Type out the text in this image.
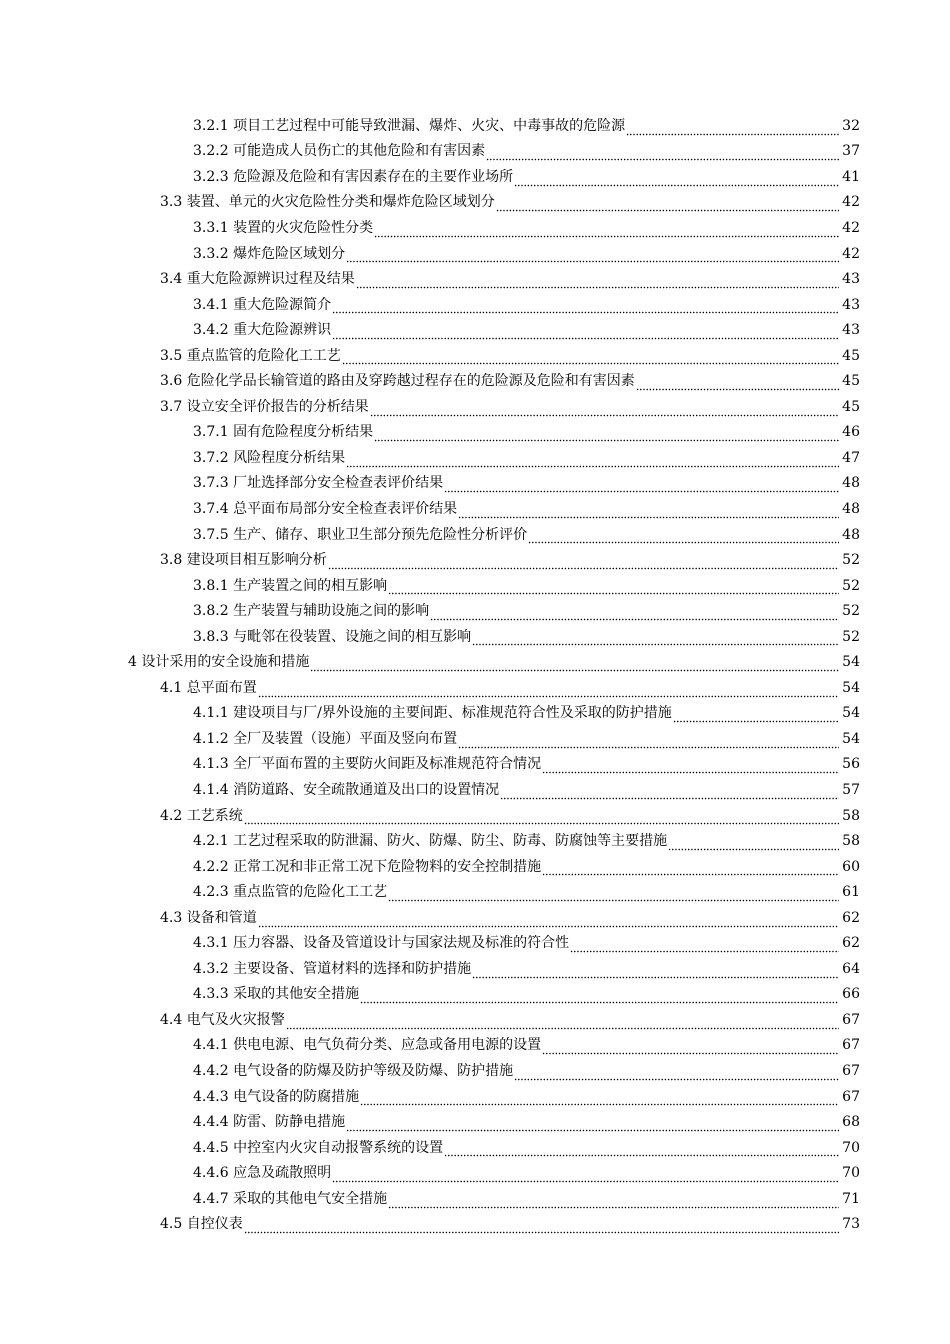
3.2.1 项目工艺过程中可能导致泄漏、爆炸、火灾、中毒事故的危险源	32
3.2.2 可能造成人员伤亡的其他危险和有害因素	37
3.2.3 危险源及危险和有害因素存在的主要作业场所	41
3.3 装置、单元的火灾危险性分类和爆炸危险区域划分	42
3.3.1 装置的火灾危险性分类	42
3.3.2 爆炸危险区域划分	42
3.4 重大危险源辨识过程及结果	43
3.4.1 重大危险源简介	43
3.4.2 重大危险源辨识	43
3.5 重点监管的危险化工工艺	45
3.6 危险化学品长输管道的路由及穿跨越过程存在的危险源及危险和有害因素	45
3.7 设立安全评价报告的分析结果	45
3.7.1 固有危险程度分析结果	46
3.7.2 风险程度分析结果	47
3.7.3 厂址选择部分安全检查表评价结果	48
3.7.4 总平面布局部分安全检查表评价结果	48
3.7.5 生产、储存、职业卫生部分预先危险性分析评价	48
3.8 建设项目相互影响分析	52
3.8.1 生产装置之间的相互影响	52
3.8.2 生产装置与辅助设施之间的影响	52
3.8.3 与毗邻在役装置、设施之间的相互影响	52
4 设计采用的安全设施和措施	54
4.1 总平面布置	54
4.1.1 建设项目与厂/界外设施的主要间距、标准规范符合性及采取的防护措施	54
4.1.2 全厂及装置（设施）平面及竖向布置	54
4.1.3 全厂平面布置的主要防火间距及标准规范符合情况	56
4.1.4 消防道路、安全疏散通道及出口的设置情况	57
4.2 工艺系统	58
4.2.1 工艺过程采取的防泄漏、防火、防爆、防尘、防毒、防腐蚀等主要措施	58
4.2.2 正常工况和非正常工况下危险物料的安全控制措施	60
4.2.3 重点监管的危险化工工艺	61
4.3 设备和管道	62
4.3.1 压力容器、设备及管道设计与国家法规及标准的符合性	62
4.3.2 主要设备、管道材料的选择和防护措施	64
4.3.3 采取的其他安全措施	66
4.4 电气及火灾报警	67
4.4.1 供电电源、电气负荷分类、应急或备用电源的设置	67
4.4.2 电气设备的防爆及防护等级及防爆、防护措施	67
4.4.3 电气设备的防腐措施	67
4.4.4 防雷、防静电措施	68
4.4.5 中控室内火灾自动报警系统的设置	70
4.4.6 应急及疏散照明	70
4.4.7 采取的其他电气安全措施	71
4.5 自控仪表	73
